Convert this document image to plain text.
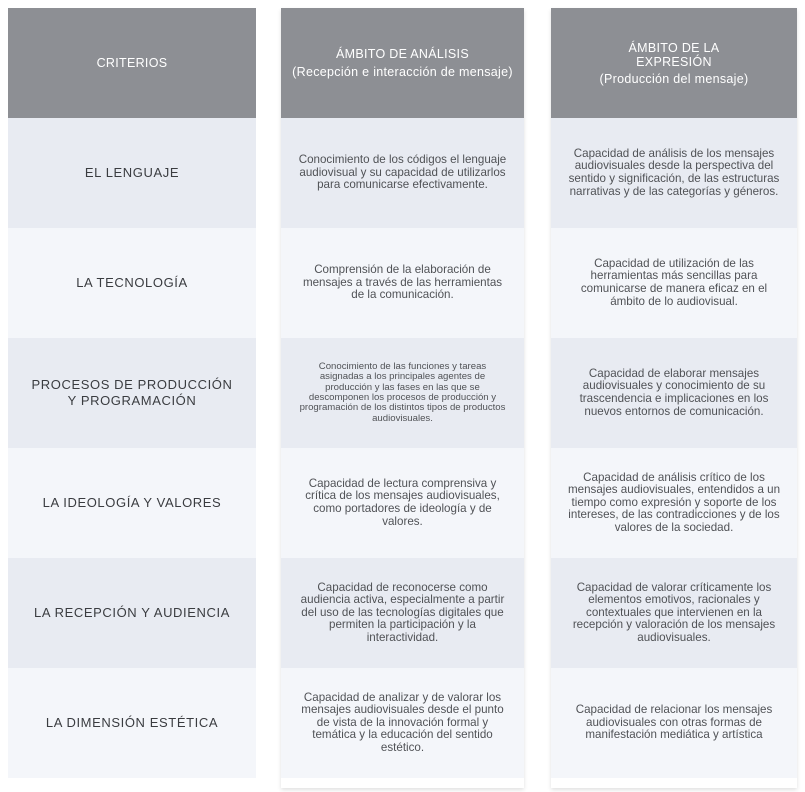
CRITERIOS
EL LENGUAJE
LA TECNOLOGÍA
PROCESOS DE PRODUCCIÓN Y PROGRAMACIÓN
LA IDEOLOGÍA Y VALORES
LA RECEPCIÓN Y AUDIENCIA
LA DIMENSIÓN ESTÉTICA
ÁMBITO DE ANÁLISIS
(Recepción e interacción de mensaje)
Conocimiento de los códigos el lenguaje audiovisual y su capacidad de utilizarlos para comunicarse efectivamente.
Comprensión de la elaboración de mensajes a través de las herramientas de la comunicación.
Conocimiento de las funciones y tareas asignadas a los principales agentes de producción y las fases en las que se descomponen los procesos de producción y programación de los distintos tipos de productos audiovisuales.
Capacidad de lectura comprensiva y crítica de los mensajes audiovisuales, como portadores de ideología y de valores.
Capacidad de reconocerse como audiencia activa, especialmente a partir del uso de las tecnologías digitales que permiten la participación y la interactividad.
Capacidad de analizar y de valorar los mensajes audiovisuales desde el punto de vista de la innovación formal y temática y la educación del sentido estético.
ÁMBITO DE LA EXPRESIÓN
(Producción del mensaje)
Capacidad de análisis de los mensajes audiovisuales desde la perspectiva del sentido y significación, de las estructuras narrativas y de las categorías y géneros.
Capacidad de utilización de las herramientas más sencillas para comunicarse de manera eficaz en el ámbito de lo audiovisual.
Capacidad de elaborar mensajes audiovisuales y conocimiento de su trascendencia e implicaciones en los nuevos entornos de comunicación.
Capacidad de análisis crítico de los mensajes audiovisuales, entendidos a un tiempo como expresión y soporte de los intereses, de las contradicciones y de los valores de la sociedad.
Capacidad de valorar críticamente los elementos emotivos, racionales y contextuales que intervienen en la recepción y valoración de los mensajes audiovisuales.
Capacidad de relacionar los mensajes audiovisuales con otras formas de manifestación mediática y artística
